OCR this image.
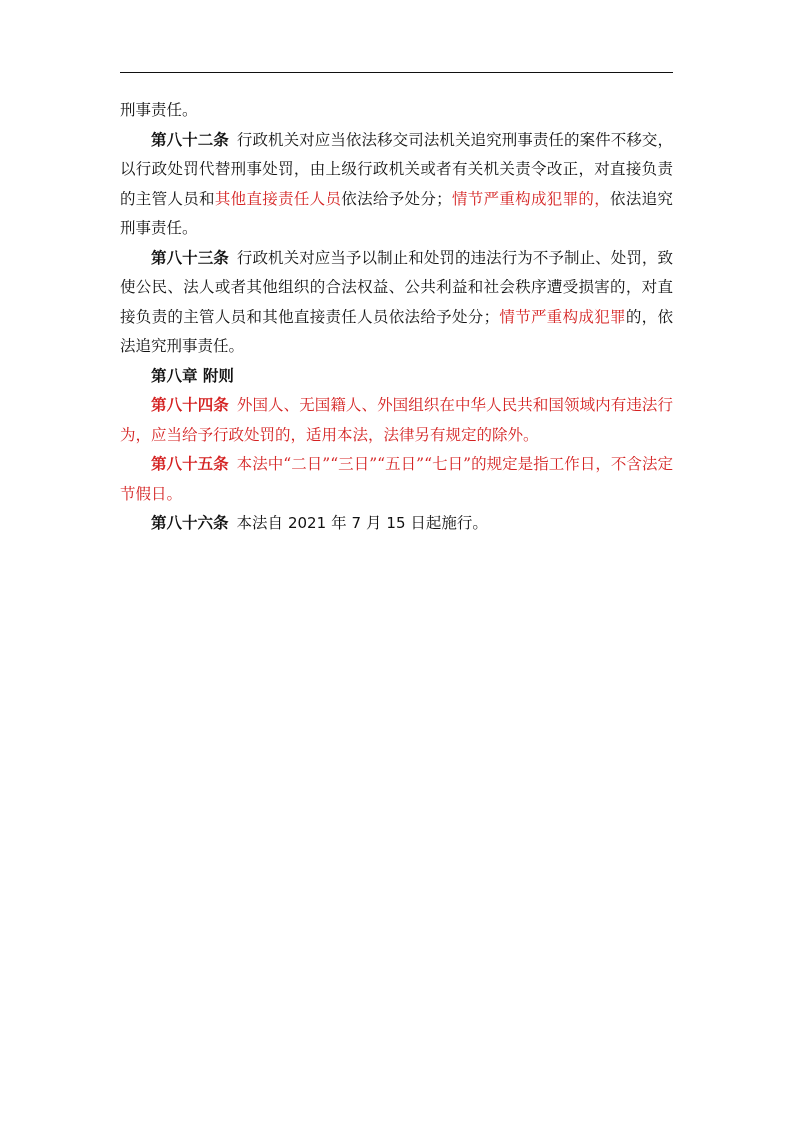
刑事责任。

第八十二条 行政机关对应当依法移交司法机关追究刑事责任的案件不移交，以行政处罚代替刑事处罚，由上级行政机关或者有关机关责令改正，对直接负责的主管人员和其他直接责任人员依法给予处分；情节严重构成犯罪的，依法追究刑事责任。

第八十三条 行政机关对应当予以制止和处罚的违法行为不予制止、处罚，致使公民、法人或者其他组织的合法权益、公共利益和社会秩序遭受损害的，对直接负责的主管人员和其他直接责任人员依法给予处分；情节严重构成犯罪的，依法追究刑事责任。

第八章 附则

第八十四条 外国人、无国籍人、外国组织在中华人民共和国领域内有违法行为，应当给予行政处罚的，适用本法，法律另有规定的除外。

第八十五条 本法中“二日”“三日”“五日”“七日”的规定是指工作日，不含法定节假日。

第八十六条 本法自 2021 年 7 月 15 日起施行。
